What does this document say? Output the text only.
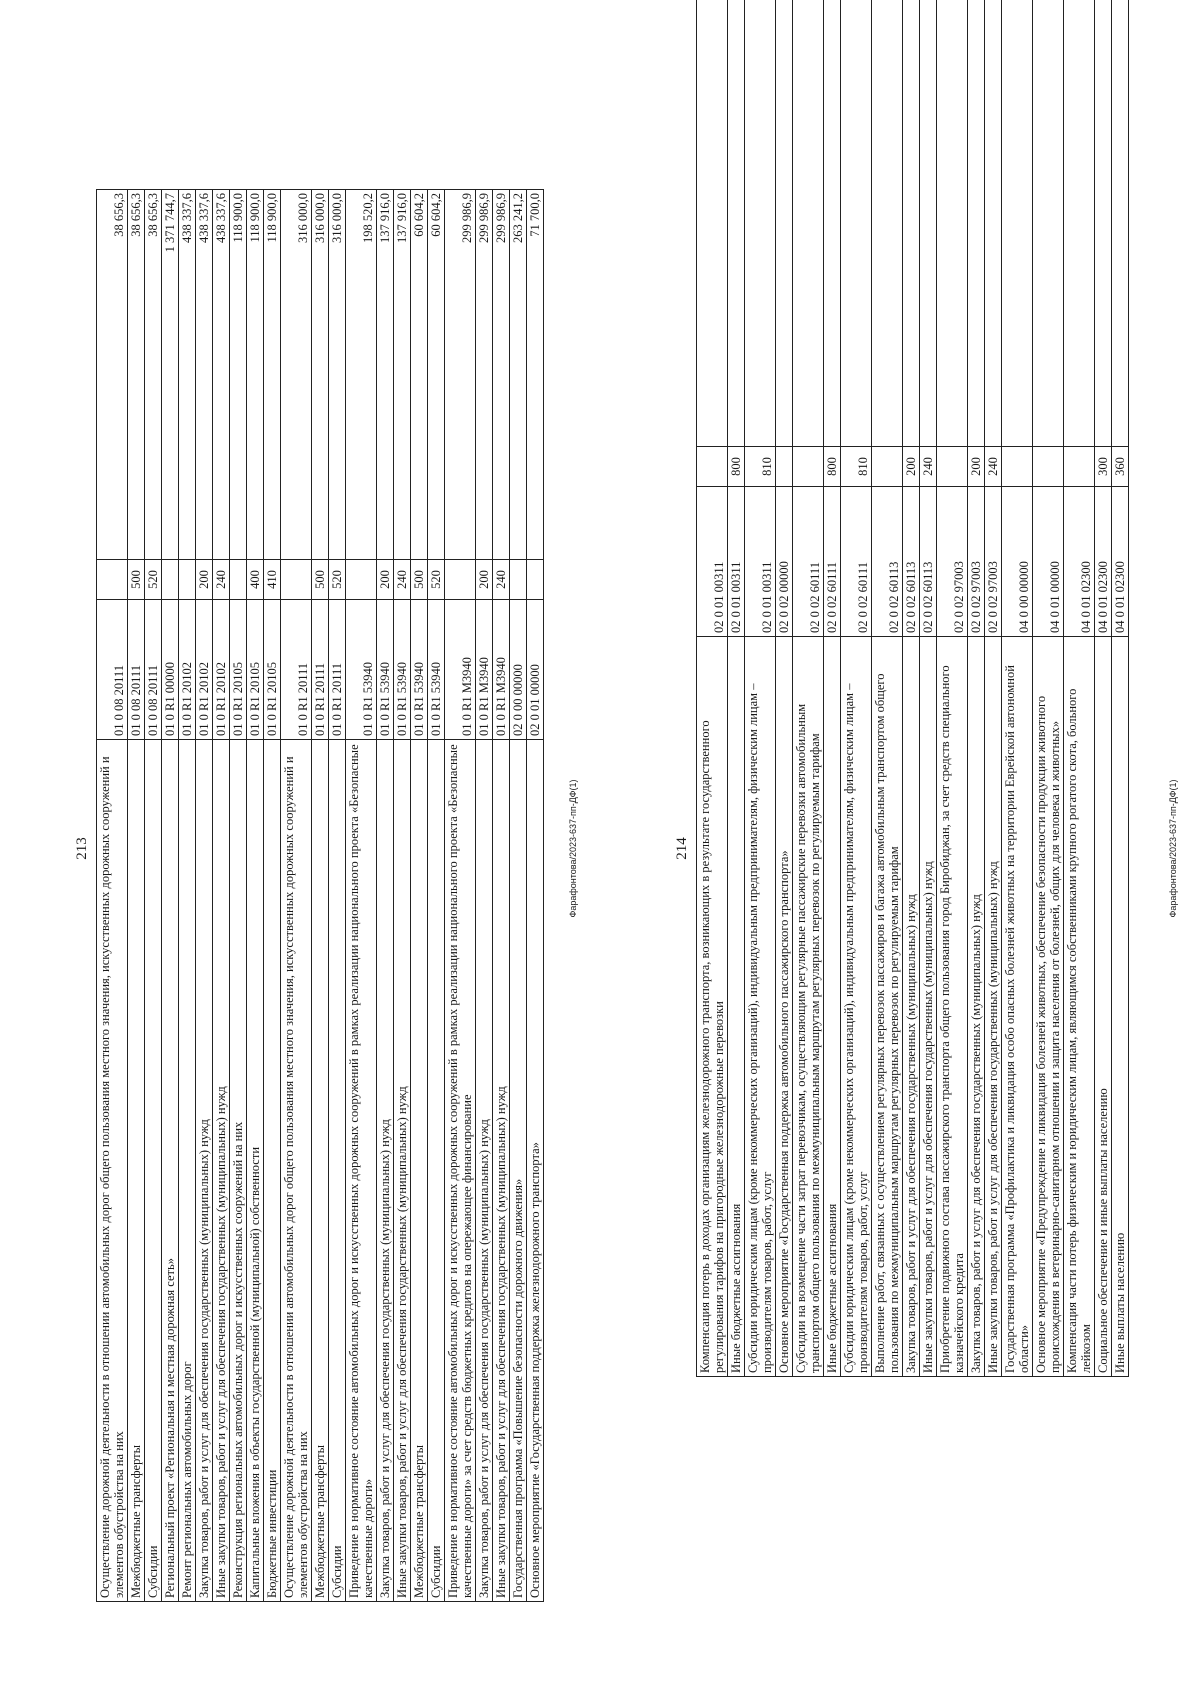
213 Осуществление дорожной деятельности в отношении автомобильных дорог общего пользования местного значения, искусственных дорожных сооружений и элементов обустройства на них	01 0 08 20111		38 656,3
Межбюджетные трансферты	01 0 08 20111	500	38 656,3
Субсидии	01 0 08 20111	520	38 656,3
Региональный проект «Региональная и местная дорожная сеть»	01 0 R1 00000		1 371 744,7
Ремонт региональных автомобильных дорог	01 0 R1 20102		438 337,6
Закупка товаров, работ и услуг для обеспечения государственных (муниципальных) нужд	01 0 R1 20102	200	438 337,6
Иные закупки товаров, работ и услуг для обеспечения государственных (муниципальных) нужд	01 0 R1 20102	240	438 337,6
Реконструкция региональных автомобильных дорог и искусственных сооружений на них	01 0 R1 20105		118 900,0
Капитальные вложения в объекты государственной (муниципальной) собственности	01 0 R1 20105	400	118 900,0
Бюджетные инвестиции	01 0 R1 20105	410	118 900,0
Осуществление дорожной деятельности в отношении автомобильных дорог общего пользования местного значения, искусственных дорожных сооружений и элементов обустройства на них	01 0 R1 20111		316 000,0
Межбюджетные трансферты	01 0 R1 20111	500	316 000,0
Субсидии	01 0 R1 20111	520	316 000,0
Приведение в нормативное состояние автомобильных дорог и искусственных дорожных сооружений в рамках реализации национального проекта «Безопасные качественные дороги»	01 0 R1 53940		198 520,2
Закупка товаров, работ и услуг для обеспечения государственных (муниципальных) нужд	01 0 R1 53940	200	137 916,0
Иные закупки товаров, работ и услуг для обеспечения государственных (муниципальных) нужд	01 0 R1 53940	240	137 916,0
Межбюджетные трансферты	01 0 R1 53940	500	60 604,2
Субсидии	01 0 R1 53940	520	60 604,2
Приведение в нормативное состояние автомобильных дорог и искусственных дорожных сооружений в рамках реализации национального проекта «Безопасные качественные дороги» за счет средств бюджетных кредитов на опережающее финансирование	01 0 R1 М3940		299 986,9
Закупка товаров, работ и услуг для обеспечения государственных (муниципальных) нужд	01 0 R1 М3940	200	299 986,9
Иные закупки товаров, работ и услуг для обеспечения государственных (муниципальных) нужд	01 0 R1 М3940	240	299 986,9
Государственная программа «Повышение безопасности дорожного движения»	02 0 00 00000		263 241,2
Основное мероприятие «Государственная поддержка железнодорожного транспорта»	02 0 01 00000		71 700,0
Фарафонтова/2023-637-пп-ДФ(1)	214 Компенсация потерь в доходах организациям железнодорожного транспорта, возникающих в результате государственного регулирования тарифов на пригородные железнодорожные перевозки	02 0 01 00311		
Иные бюджетные ассигнования	02 0 01 00311	800	
Субсидии юридическим лицам (кроме некоммерческих организаций), индивидуальным предпринимателям, физическим лицам – производителям товаров, работ, услуг	02 0 01 00311	810	
Основное мероприятие «Государственная поддержка автомобильного пассажирского транспорта»	02 0 02 00000		
Субсидии на возмещение части затрат перевозчикам, осуществляющим регулярные пассажирские перевозки автомобильным транспортом общего пользования по межмуниципальным маршрутам регулярных перевозок по регулируемым тарифам	02 0 02 60111		
Иные бюджетные ассигнования	02 0 02 60111	800	
Субсидии юридическим лицам (кроме некоммерческих организаций), индивидуальным предпринимателям, физическим лицам – производителям товаров, работ, услуг	02 0 02 60111	810	
Выполнение работ, связанных с осуществлением регулярных перевозок пассажиров и багажа автомобильным транспортом общего пользования по межмуниципальным маршрутам регулярных перевозок по регулируемым тарифам	02 0 02 60113		
Закупка товаров, работ и услуг для обеспечения государственных (муниципальных) нужд	02 0 02 60113	200	
Иные закупки товаров, работ и услуг для обеспечения государственных (муниципальных) нужд	02 0 02 60113	240	
Приобретение подвижного состава пассажирского транспорта общего пользования город Биробиджан, за счет средств специального казначейского кредита	02 0 02 97003		
Закупка товаров, работ и услуг для обеспечения государственных (муниципальных) нужд	02 0 02 97003	200	
Иные закупки товаров, работ и услуг для обеспечения государственных (муниципальных) нужд	02 0 02 97003	240	
Государственная программа «Профилактика и ликвидация особо опасных болезней животных на территории Еврейской автономной области»	04 0 00 00000		
Основное мероприятие «Предупреждение и ликвидация болезней животных, обеспечение безопасности продукции животного происхождения в ветеринарно-санитарном отношении и защита населения от болезней, общих для человека и животных»	04 0 01 00000		
Компенсация части потерь физическим и юридическим лицам, являющимся собственниками крупного рогатого скота, больного лейкозом	04 0 01 02300		
Социальное обеспечение и иные выплаты населению	04 0 01 02300	300	
Иные выплаты населению	04 0 01 02300	360	
Фарафонтова/2023-637-пп-ДФ(1)
